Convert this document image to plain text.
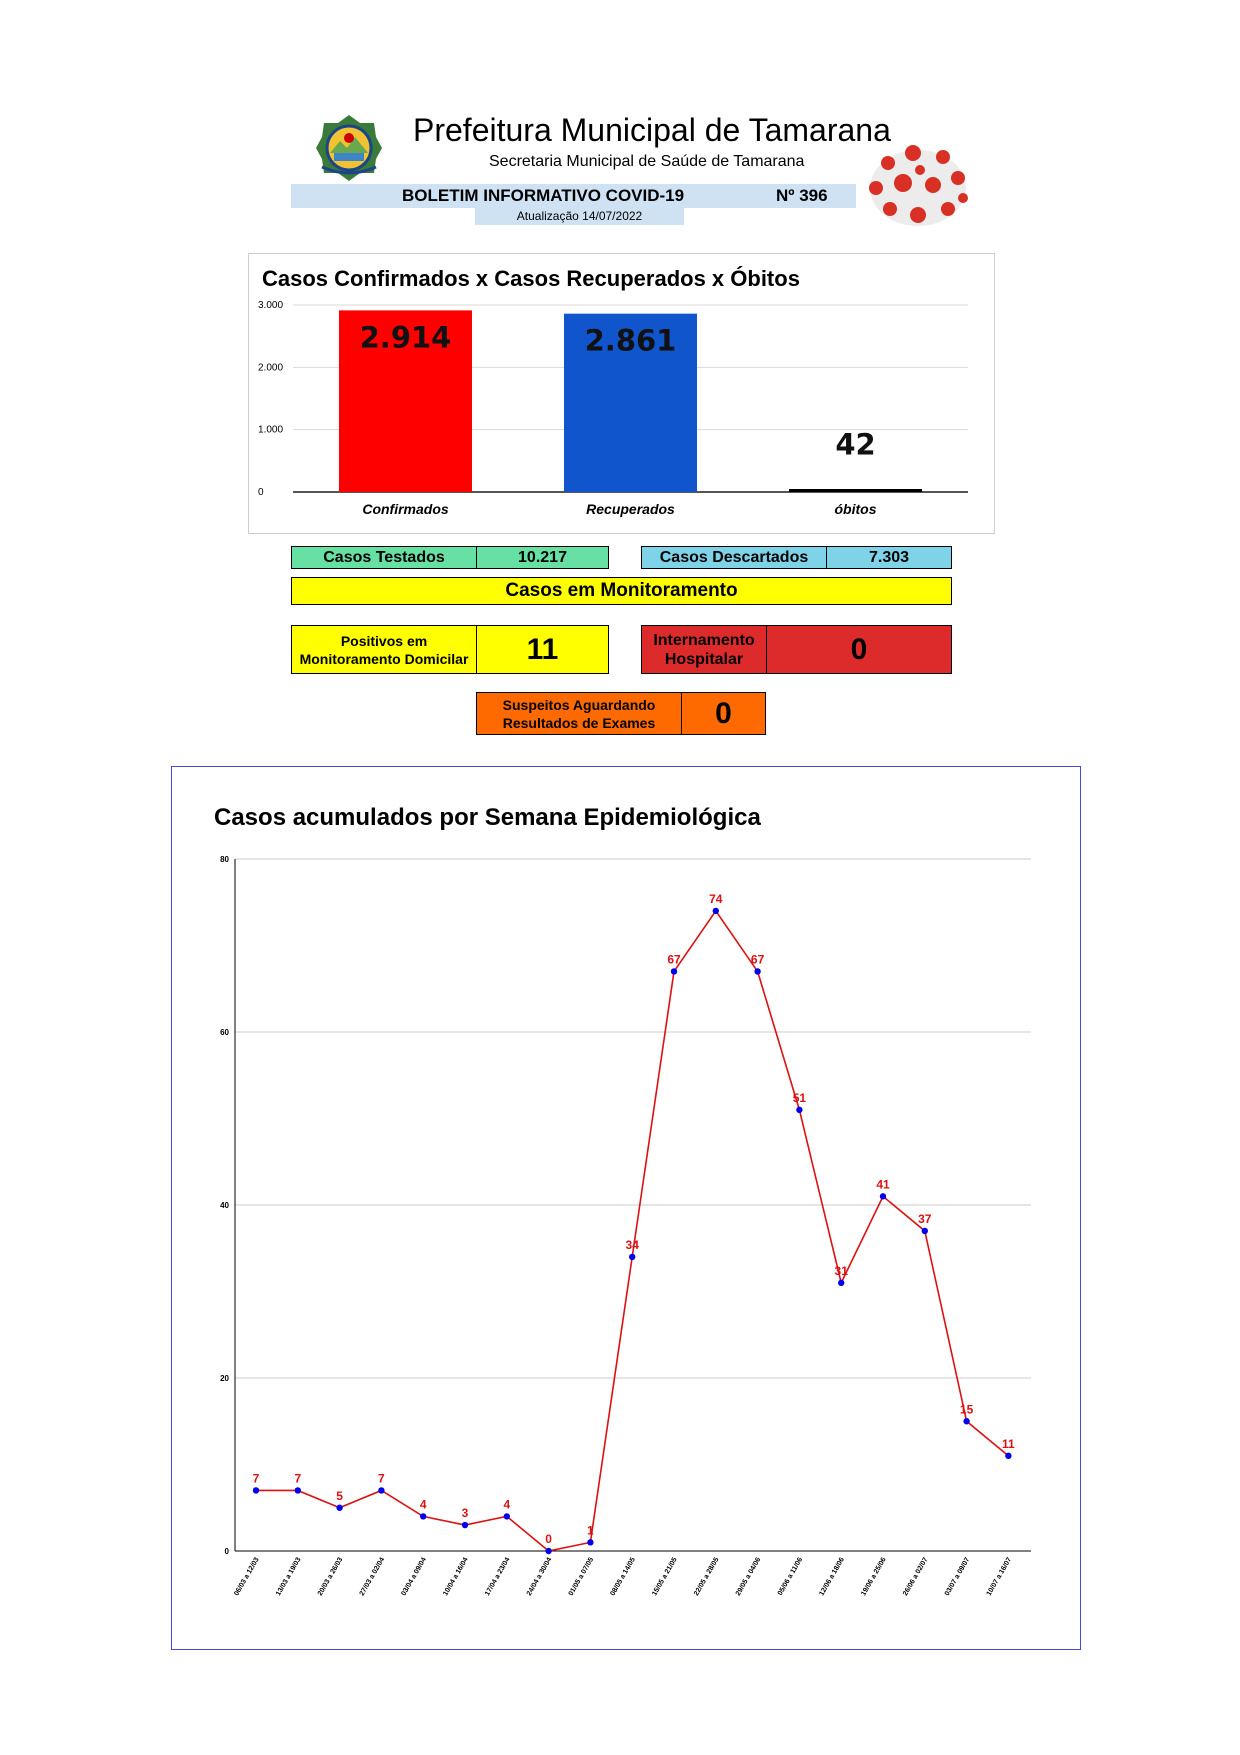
Prefeitura Municipal de Tamarana
Secretaria Municipal de Saúde de Tamarana
BOLETIM INFORMATIVO COVID-19	Nº 396
Atualização 14/07/2022
0
1.000
2.000
3.000
2.914
Confirmados
2.861
Recuperados
42
óbitos
Casos Confirmados x Casos Recuperados x Óbitos
Casos Testados	10.217	Casos Descartados	7.303
Casos em Monitoramento
Positivos em Monitoramento Domicilar	11	Internamento Hospitalar	0
Suspeitos Aguardando Resultados de Exames	0
0
20
40
60
80
7
06/03 a 12/03
7
13/03 a 19/03
5
20/03 a 26/03
7
27/03 a 02/04
4
03/04 a 09/04
3
10/04 a 16/04
4
17/04 a 23/04
0
24/04 a 30/04
1
01/05 a 07/05
34
08/05 a 14/05
67
15/05 a 21/05
74
22/05 a 28/05
67
29/05 a 04/06
51
05/06 a 11/06
31
12/06 a 18/06
41
19/06 a 25/06
37
26/06 a 02/07
15
03/07 a 09/07
11
10/07 a 16/07
Casos acumulados por Semana Epidemiológica
